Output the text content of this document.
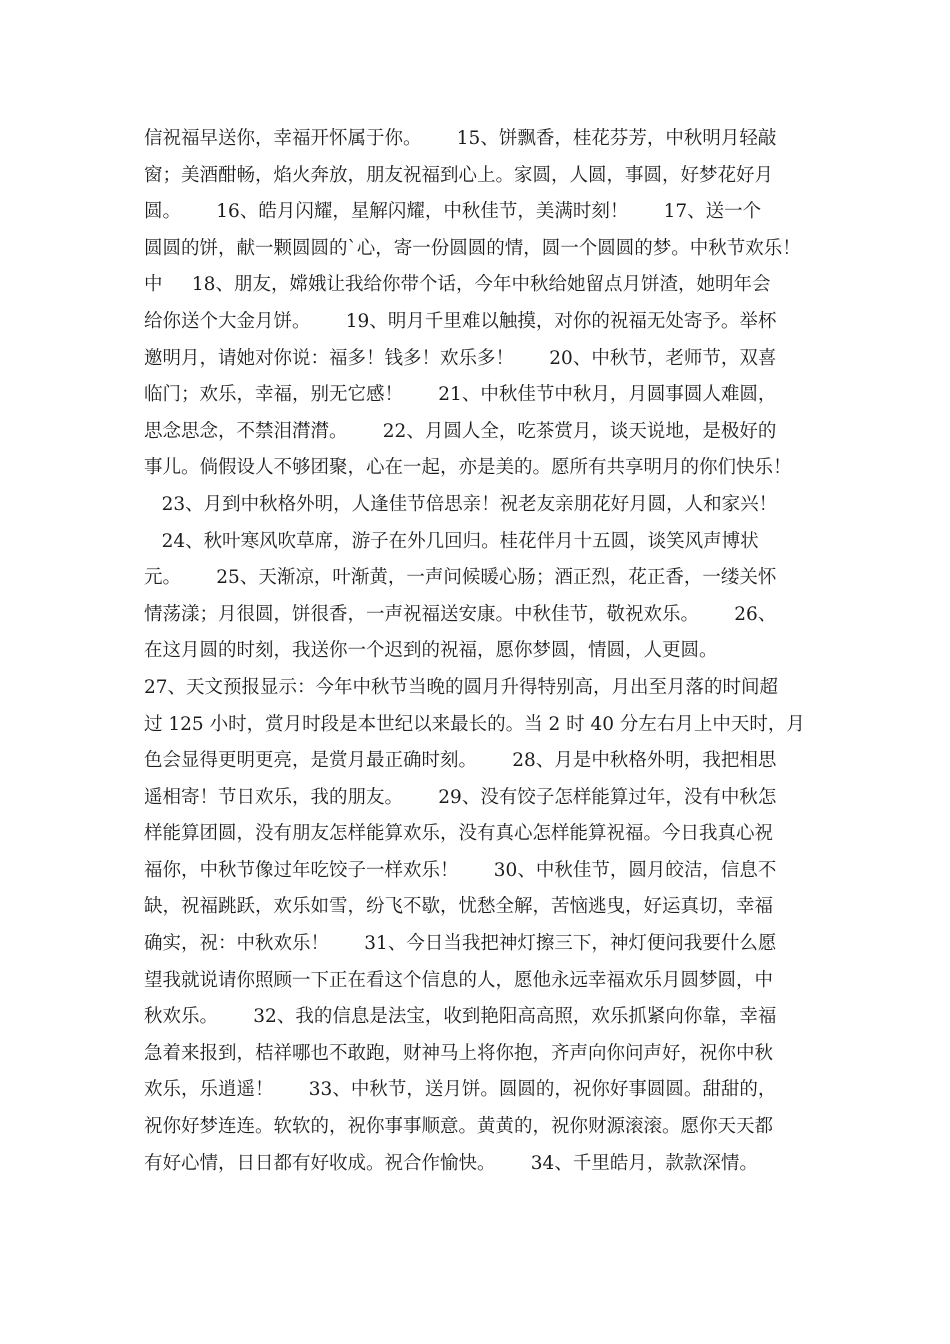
信祝福早送你，幸福开怀属于你。      15、饼飘香，桂花芬芳，中秋明月轻敲
窗；美酒酣畅，焰火奔放，朋友祝福到心上。家圆，人圆，事圆，好梦花好月
圆。      16、皓月闪耀，星解闪耀，中秋佳节，美满时刻！      17、送一个
圆圆的饼，献一颗圆圆的`心，寄一份圆圆的情，圆一个圆圆的梦。中秋节欢乐！
中     18、朋友，嫦娥让我给你带个话，今年中秋给她留点月饼渣，她明年会
给你送个大金月饼。      19、明月千里难以触摸，对你的祝福无处寄予。举杯
邀明月，请她对你说：福多！钱多！欢乐多！      20、中秋节，老师节，双喜
临门；欢乐，幸福，别无它感！      21、中秋佳节中秋月，月圆事圆人难圆，
思念思念，不禁泪潸潸。      22、月圆人全，吃茶赏月，谈天说地，是极好的
事儿。倘假设人不够团聚，心在一起，亦是美的。愿所有共享明月的你们快乐！
23、月到中秋格外明，人逢佳节倍思亲！祝老友亲朋花好月圆，人和家兴！
24、秋叶寒风吹草席，游子在外几回归。桂花伴月十五圆，谈笑风声博状
元。      25、天渐凉，叶渐黄，一声问候暖心肠；酒正烈，花正香，一缕关怀
情荡漾；月很圆，饼很香，一声祝福送安康。中秋佳节，敬祝欢乐。      26、
在这月圆的时刻，我送你一个迟到的祝福，愿你梦圆，情圆，人更圆。
27、天文预报显示：今年中秋节当晚的圆月升得特别高，月出至月落的时间超
过 125 小时，赏月时段是本世纪以来最长的。当 2 时 40 分左右月上中天时，月
色会显得更明更亮，是赏月最正确时刻。      28、月是中秋格外明，我把相思
遥相寄！节日欢乐，我的朋友。      29、没有饺子怎样能算过年，没有中秋怎
样能算团圆，没有朋友怎样能算欢乐，没有真心怎样能算祝福。今日我真心祝
福你，中秋节像过年吃饺子一样欢乐！      30、中秋佳节，圆月皎洁，信息不
缺，祝福跳跃，欢乐如雪，纷飞不歇，忧愁全解，苦恼逃曳，好运真切，幸福
确实，祝：中秋欢乐！      31、今日当我把神灯擦三下，神灯便问我要什么愿
望我就说请你照顾一下正在看这个信息的人，愿他永远幸福欢乐月圆梦圆，中
秋欢乐。      32、我的信息是法宝，收到艳阳高高照，欢乐抓紧向你靠，幸福
急着来报到，桔祥哪也不敢跑，财神马上将你抱，齐声向你问声好，祝你中秋
欢乐，乐逍遥！      33、中秋节，送月饼。圆圆的，祝你好事圆圆。甜甜的，
祝你好梦连连。软软的，祝你事事顺意。黄黄的，祝你财源滚滚。愿你天天都
有好心情，日日都有好收成。祝合作愉快。      34、千里皓月，款款深情。
